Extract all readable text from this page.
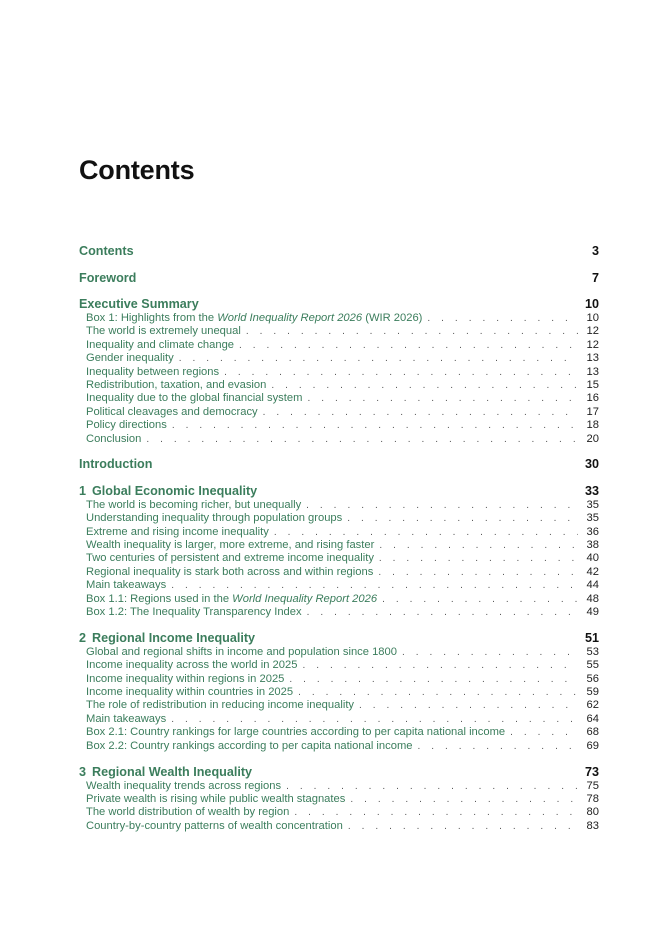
Contents
Contents	3
Foreword	7
Executive Summary	10
Box 1: Highlights from the World Inequality Report 2026 (WIR 2026) . . .	10
The world is extremely unequal . . .	12
Inequality and climate change . . .	12
Gender inequality . . .	13
Inequality between regions . . .	13
Redistribution, taxation, and evasion . . .	15
Inequality due to the global financial system . . .	16
Political cleavages and democracy . . .	17
Policy directions . . .	18
Conclusion . . .	20
Introduction	30
1 Global Economic Inequality	33
The world is becoming richer, but unequally . . .	35
Understanding inequality through population groups . . .	35
Extreme and rising income inequality . . .	36
Wealth inequality is larger, more extreme, and rising faster . . .	38
Two centuries of persistent and extreme income inequality . . .	40
Regional inequality is stark both across and within regions . . .	42
Main takeaways . . .	44
Box 1.1: Regions used in the World Inequality Report 2026 . . .	48
Box 1.2: The Inequality Transparency Index . . .	49
2 Regional Income Inequality	51
Global and regional shifts in income and population since 1800 . . .	53
Income inequality across the world in 2025 . . .	55
Income inequality within regions in 2025 . . .	56
Income inequality within countries in 2025 . . .	59
The role of redistribution in reducing income inequality . . .	62
Main takeaways . . .	64
Box 2.1: Country rankings for large countries according to per capita national income . . .	68
Box 2.2: Country rankings according to per capita national income . . .	69
3 Regional Wealth Inequality	73
Wealth inequality trends across regions . . .	75
Private wealth is rising while public wealth stagnates . . .	78
The world distribution of wealth by region . . .	80
Country-by-country patterns of wealth concentration . . .	83
